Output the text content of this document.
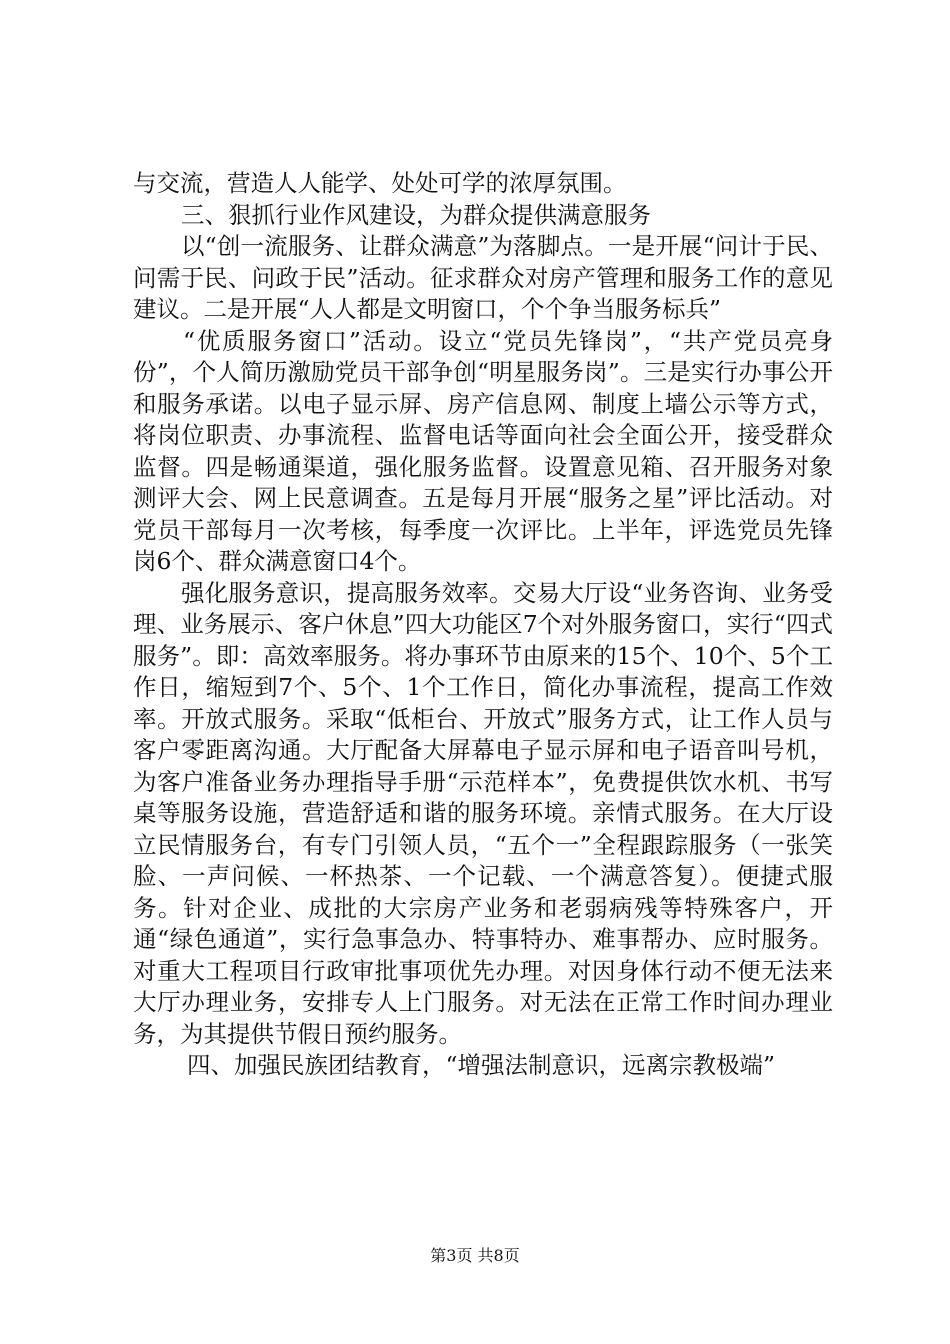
与交流，营造人人能学、处处可学的浓厚氛围。

三、狠抓行业作风建设，为群众提供满意服务

以“创一流服务、让群众满意”为落脚点。一是开展“问计于民、问需于民、问政于民”活动。征求群众对房产管理和服务工作的意见建议。二是开展“人人都是文明窗口，个个争当服务标兵”

“优质服务窗口”活动。设立“党员先锋岗”，“共产党员亮身份”，个人简历激励党员干部争创“明星服务岗”。三是实行办事公开和服务承诺。以电子显示屏、房产信息网、制度上墙公示等方式，将岗位职责、办事流程、监督电话等面向社会全面公开，接受群众监督。四是畅通渠道，强化服务监督。设置意见箱、召开服务对象测评大会、网上民意调查。五是每月开展“服务之星”评比活动。对党员干部每月一次考核，每季度一次评比。上半年，评选党员先锋岗6个、群众满意窗口4个。

强化服务意识，提高服务效率。交易大厅设“业务咨询、业务受理、业务展示、客户休息”四大功能区7个对外服务窗口，实行“四式服务”。即：高效率服务。将办事环节由原来的15个、10个、5个工作日，缩短到7个、5个、1个工作日，简化办事流程，提高工作效率。开放式服务。采取“低柜台、开放式”服务方式，让工作人员与客户零距离沟通。大厅配备大屏幕电子显示屏和电子语音叫号机，为客户准备业务办理指导手册“示范样本”，免费提供饮水机、书写桌等服务设施，营造舒适和谐的服务环境。亲情式服务。在大厅设立民情服务台，有专门引领人员，“五个一”全程跟踪服务（一张笑脸、一声问候、一杯热茶、一个记载、一个满意答复）。便捷式服务。针对企业、成批的大宗房产业务和老弱病残等特殊客户，开通“绿色通道”，实行急事急办、特事特办、难事帮办、应时服务。对重大工程项目行政审批事项优先办理。对因身体行动不便无法来大厅办理业务，安排专人上门服务。对无法在正常工作时间办理业务，为其提供节假日预约服务。

四、加强民族团结教育，“增强法制意识，远离宗教极端”

第3页 共8页
